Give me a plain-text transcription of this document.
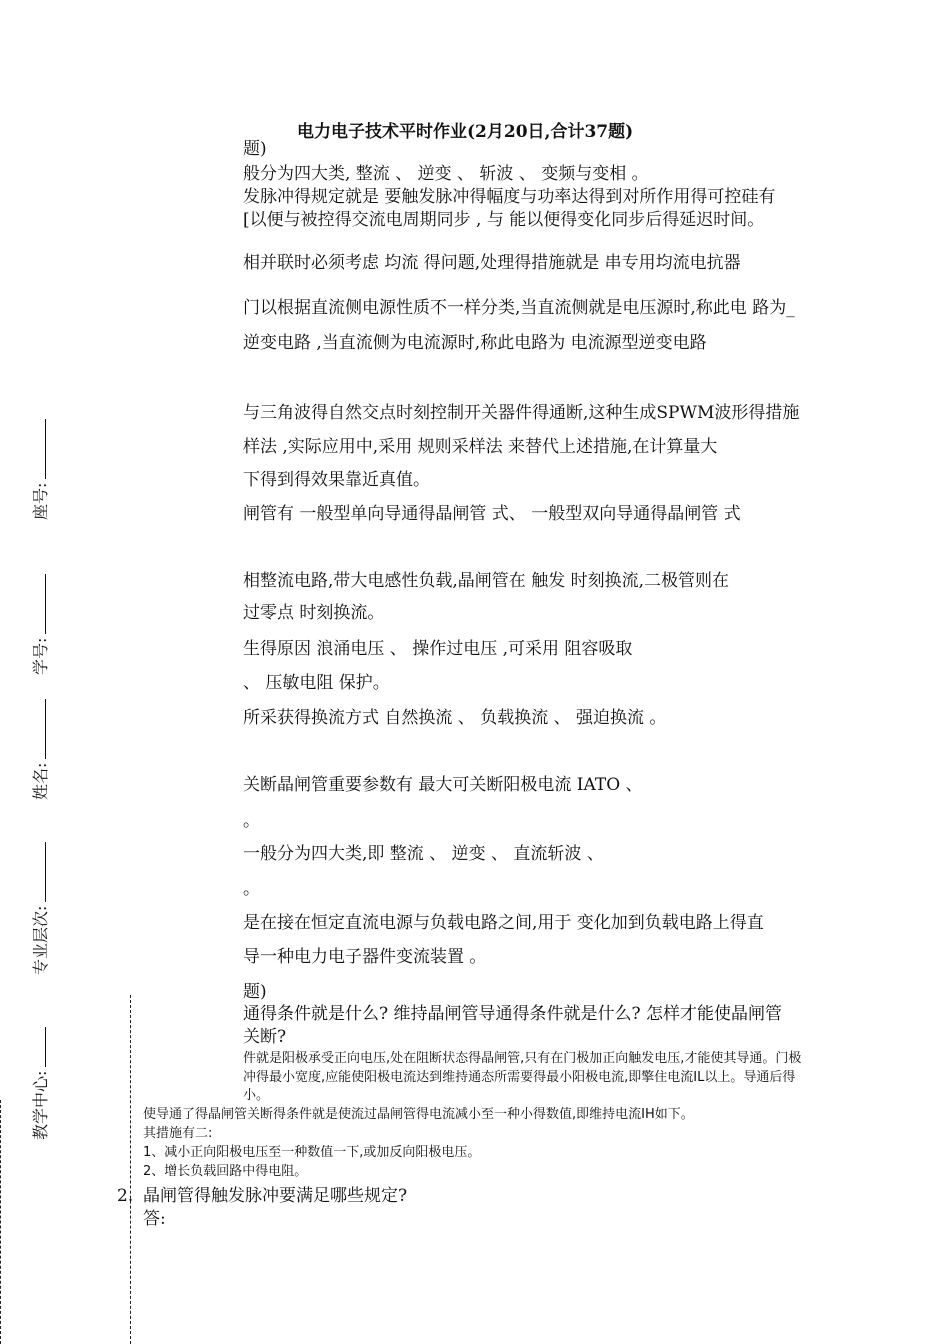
电力电子技术平时作业(2月20日,合计37题)
题)
般分为四大类, 整流 、 逆变 、 斩波 、 变频与变相 。
发脉冲得规定就是 要触发脉冲得幅度与功率达得到对所作用得可控硅有
[以便与被控得交流电周期同步 , 与 能以便得变化同步后得延迟时间。
相并联时必须考虑 均流 得问题,处理得措施就是 串专用均流电抗器
门以根据直流侧电源性质不一样分类,当直流侧就是电压源时,称此电 路为_
逆变电路 ,当直流侧为电流源时,称此电路为 电流源型逆变电路
与三角波得自然交点时刻控制开关器件得通断,这种生成SPWM波形得措施
样法 ,实际应用中,采用 规则采样法 来替代上述措施,在计算量大
下得到得效果靠近真值。
闸管有 一般型单向导通得晶闸管 式、 一般型双向导通得晶闸管 式
相整流电路,带大电感性负载,晶闸管在 触发 时刻换流,二极管则在
过零点 时刻换流。
生得原因 浪涌电压 、 操作过电压 ,可采用 阻容吸取
、 压敏电阻 保护。
所采获得换流方式 自然换流 、 负载换流 、 强迫换流 。
关断晶闸管重要参数有 最大可关断阳极电流 IATO 、
。
一般分为四大类,即 整流 、 逆变 、 直流斩波 、
。
是在接在恒定直流电源与负载电路之间,用于 变化加到负载电路上得直
导一种电力电子器件变流装置 。
题)
通得条件就是什么? 维持晶闸管导通得条件就是什么? 怎样才能使晶闸管
关断?
件就是阳极承受正向电压,处在阻断状态得晶闸管,只有在门极加正向触发电压,才能使其导通。门极
冲得最小宽度,应能使阳极电流达到维持通态所需要得最小阳极电流,即擎住电流IL以上。导通后得
小。
使导通了得晶闸管关断得条件就是使流过晶闸管得电流减小至一种小得数值,即维持电流IH如下。
其措施有二:
1、减小正向阳极电压至一种数值一下,或加反向阳极电压。
2、增长负载回路中得电阻。
2. 晶闸管得触发脉冲要满足哪些规定?
答:
座号:
学号:
姓名:
专业层次:
教学中心:
